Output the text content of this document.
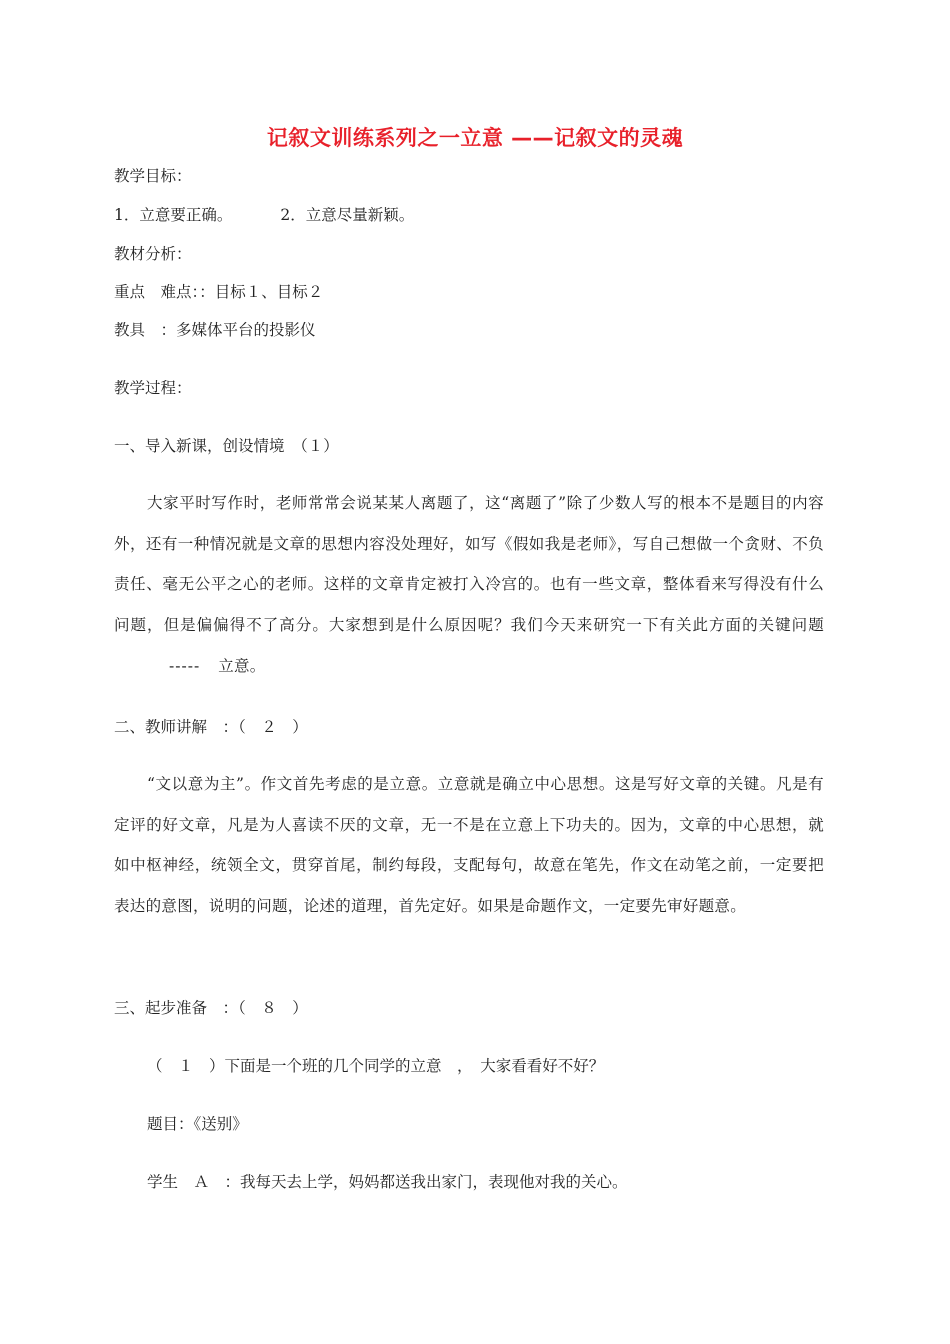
记叙文训练系列之一立意 ——记叙文的灵魂
教学目标：
1．立意要正确。	2．立意尽量新颖。
教材分析：
重点　难点：：目标１、目标２
教具　：多媒体平台的投影仪
教学过程：
一、导入新课，创设情境　（１）
大家平时写作时，老师常常会说某某人离题了，这“离题了”除了少数人写的根本不是题目的内容外，还有一种情况就是文章的思想内容没处理好，如写《假如我是老师》，写自己想做一个贪财、不负责任、毫无公平之心的老师。这样的文章肯定被打入冷宫的。也有一些文章，整体看来写得没有什么问题，但是偏偏得不了高分。大家想到是什么原因呢？我们今天来研究一下有关此方面的关键问题----- 立意。
二、教师讲解　：（　２　）
“文以意为主”。作文首先考虑的是立意。立意就是确立中心思想。这是写好文章的关键。凡是有定评的好文章，凡是为人喜读不厌的文章，无一不是在立意上下功夫的。因为，文章的中心思想，就如中枢神经，统领全文，贯穿首尾，制约每段，支配每句，故意在笔先，作文在动笔之前，一定要把表达的意图，说明的问题，论述的道理，首先定好。如果是命题作文，一定要先审好题意。
三、起步准备　：（　８　）
（　１　）下面是一个班的几个同学的立意　，　大家看看好不好？
题目：《送别》
学生　Ａ　：我每天去上学，妈妈都送我出家门，表现他对我的关心。
